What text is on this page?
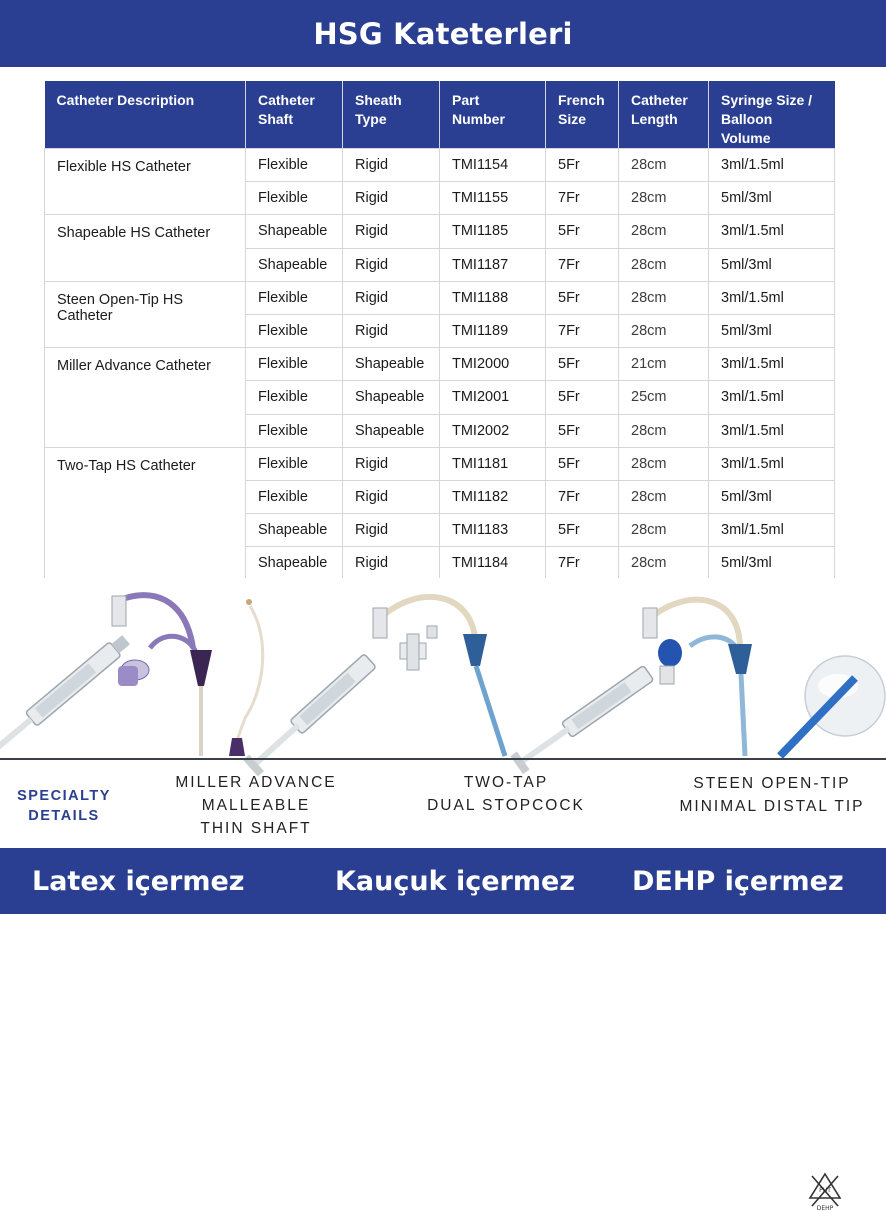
HSG Kateterleri
Catheter Description	Catheter Shaft	Sheath Type	Part Number	French Size	Catheter Length	Syringe Size / Balloon Volume
Flexible HS Catheter	Flexible	Rigid	TMI1154	5Fr	28cm	3ml/1.5ml
	Flexible	Rigid	TMI1155	7Fr	28cm	5ml/3ml
Shapeable HS Catheter	Shapeable	Rigid	TMI1185	5Fr	28cm	3ml/1.5ml
	Shapeable	Rigid	TMI1187	7Fr	28cm	5ml/3ml
Steen Open-Tip HS Catheter	Flexible	Rigid	TMI1188	5Fr	28cm	3ml/1.5ml
	Flexible	Rigid	TMI1189	7Fr	28cm	5ml/3ml
Miller Advance Catheter	Flexible	Shapeable	TMI2000	5Fr	21cm	3ml/1.5ml
	Flexible	Shapeable	TMI2001	5Fr	25cm	3ml/1.5ml
	Flexible	Shapeable	TMI2002	5Fr	28cm	3ml/1.5ml
Two-Tap HS Catheter	Flexible	Rigid	TMI1181	5Fr	28cm	3ml/1.5ml
	Flexible	Rigid	TMI1182	7Fr	28cm	5ml/3ml
	Shapeable	Rigid	TMI1183	5Fr	28cm	3ml/1.5ml
	Shapeable	Rigid	TMI1184	7Fr	28cm	5ml/3ml
PHT
DEHP
SPECIALTY
DETAILS
MILLER ADVANCE
MALLEABLE
THIN SHAFT
TWO-TAP
DUAL STOPCOCK
STEEN OPEN-TIP
MINIMAL DISTAL TIP
Latex içermez	Kauçuk içermez DEHP içermez
